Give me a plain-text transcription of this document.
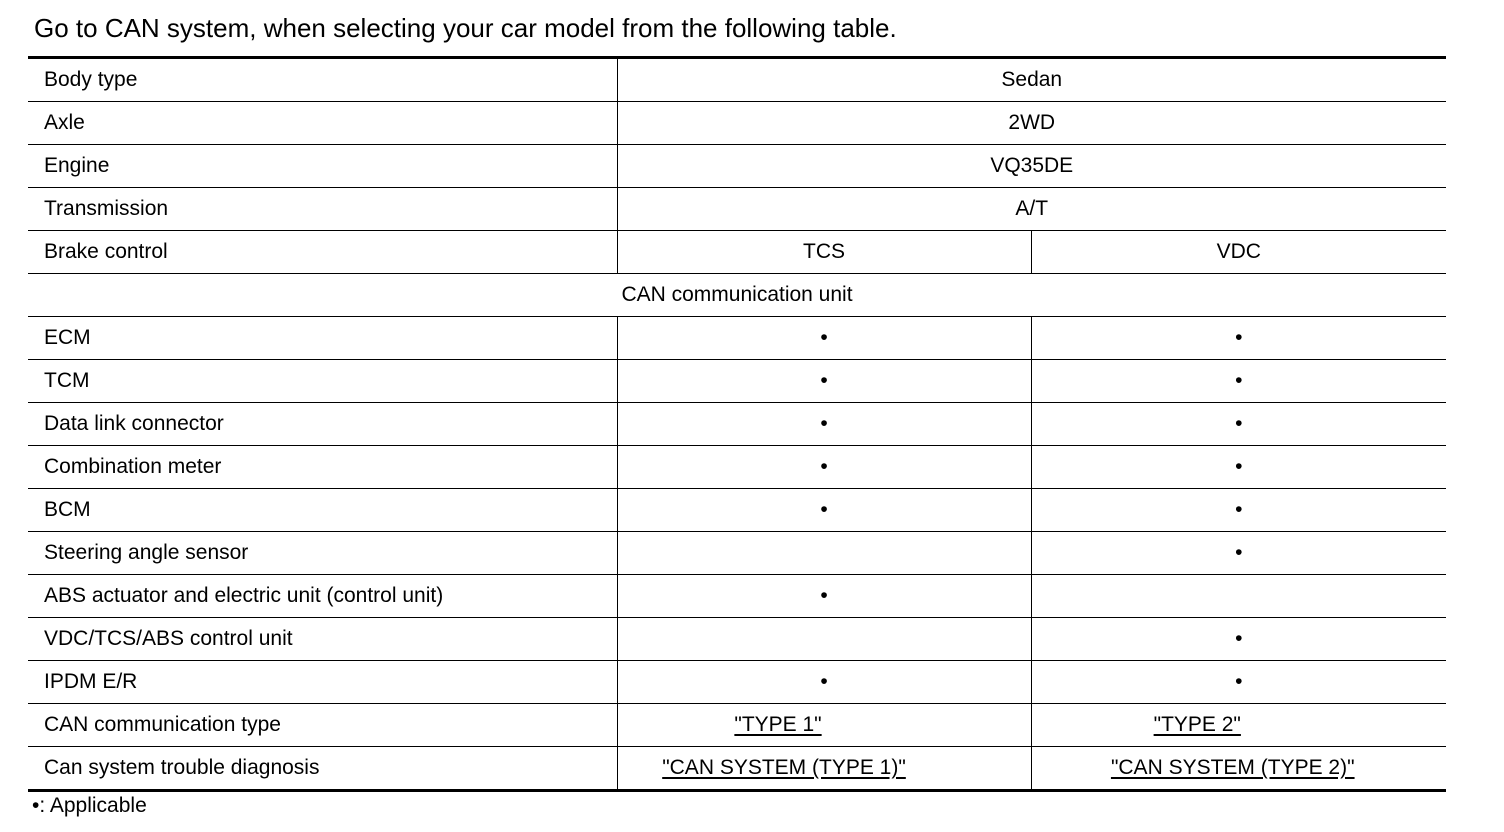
Go to CAN system, when selecting your car model from the following table.
Body type	Sedan	
Axle	2WD	
Engine	VQ35DE	
Transmission	A/T	
Brake control	TCS	VDC
CAN communication unit		
ECM	•	•
TCM	•	•
Data link connector	•	•
Combination meter	•	•
BCM	•	•
Steering angle sensor		•
ABS actuator and electric unit (control unit)	•	
VDC/TCS/ABS control unit		•
IPDM E/R	•	•
CAN communication type	"TYPE 1"	"TYPE 2"
Can system trouble diagnosis	"CAN SYSTEM (TYPE 1)"	"CAN SYSTEM (TYPE 2)"
•: Applicable
